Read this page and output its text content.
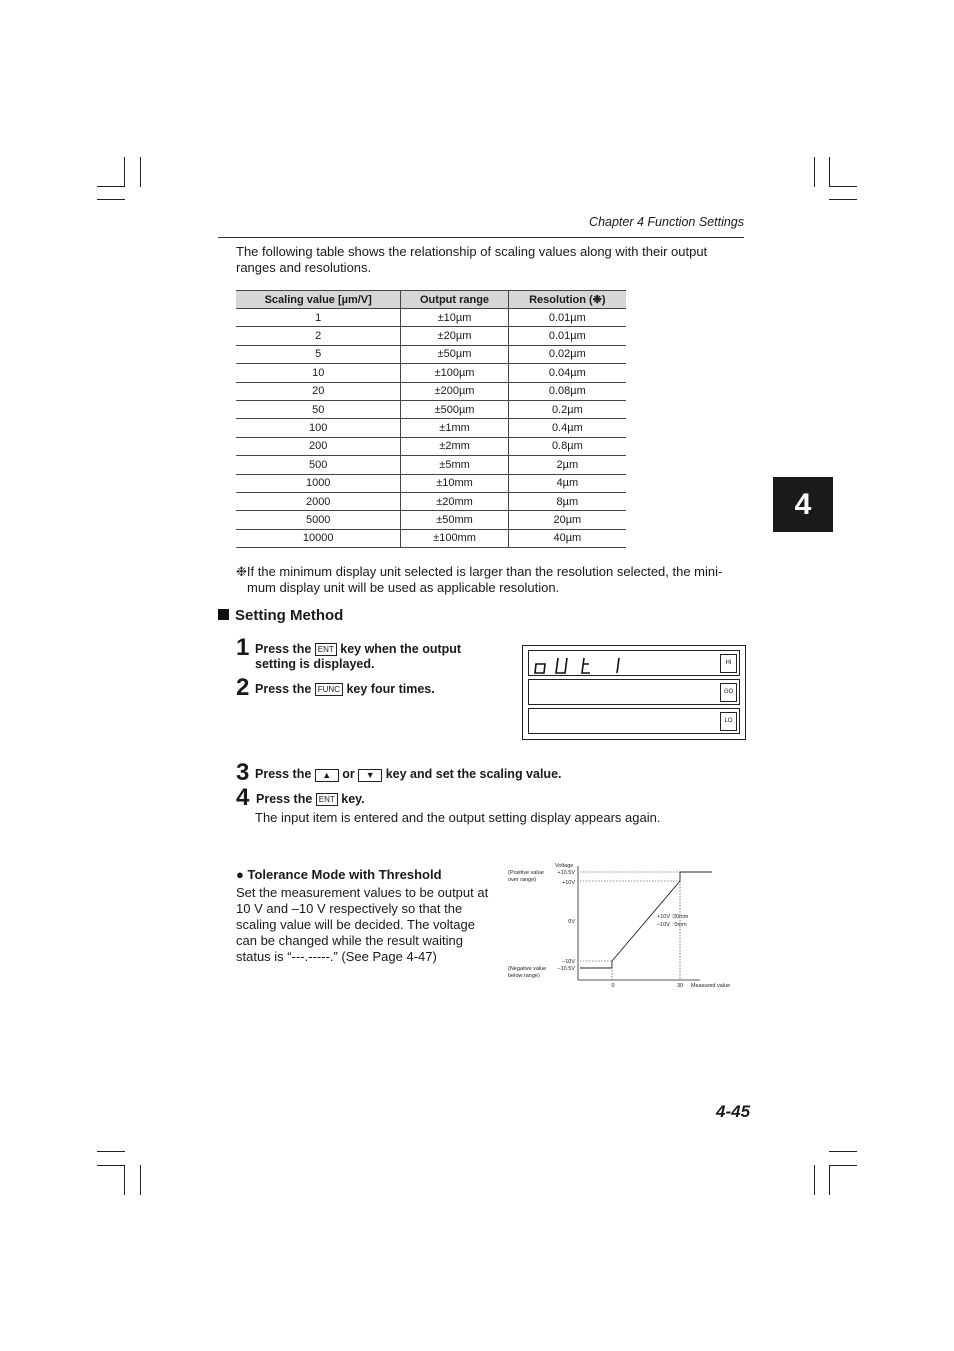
Chapter 4 Function Settings
The following table shows the relationship of scaling values along with their output ranges and resolutions.
Scaling value [µm/V]	Output range	Resolution (❉)
1	±10µm	0.01µm
2	±20µm	0.01µm
5	±50µm	0.02µm
10	±100µm	0.04µm
20	±200µm	0.08µm
50	±500µm	0.2µm
100	±1mm	0.4µm
200	±2mm	0.8µm
500	±5mm	2µm
1000	±10mm	4µm
2000	±20mm	8µm
5000	±50mm	20µm
10000	±100mm	40µm
❉If the minimum display unit selected is larger than the resolution selected, the mini-
mum display unit will be used as applicable resolution.
4
Setting Method
1 Press the ENT key when the output
setting is displayed.
2 Press the FUNC key four times.
oUt 1
HI
GO
LO
3 Press the ▲ or ▼ key and set the scaling value.
4 Press the ENT key.
The input item is entered and the output setting display appears again.
● Tolerance Mode with Threshold
Set the measurement values to be output at 10 V and –10 V respectively so that the scaling value will be decided. The voltage can be changed while the result waiting status is “---.-----.” (See Page 4-47)
Voltage
(Positive value
over range)
+10.5V
+10V
0V
–10V
–10.5V
(Negative value
below range)
0	30 Measured value
+10V :30mm
–10V : 0mm
4-45
